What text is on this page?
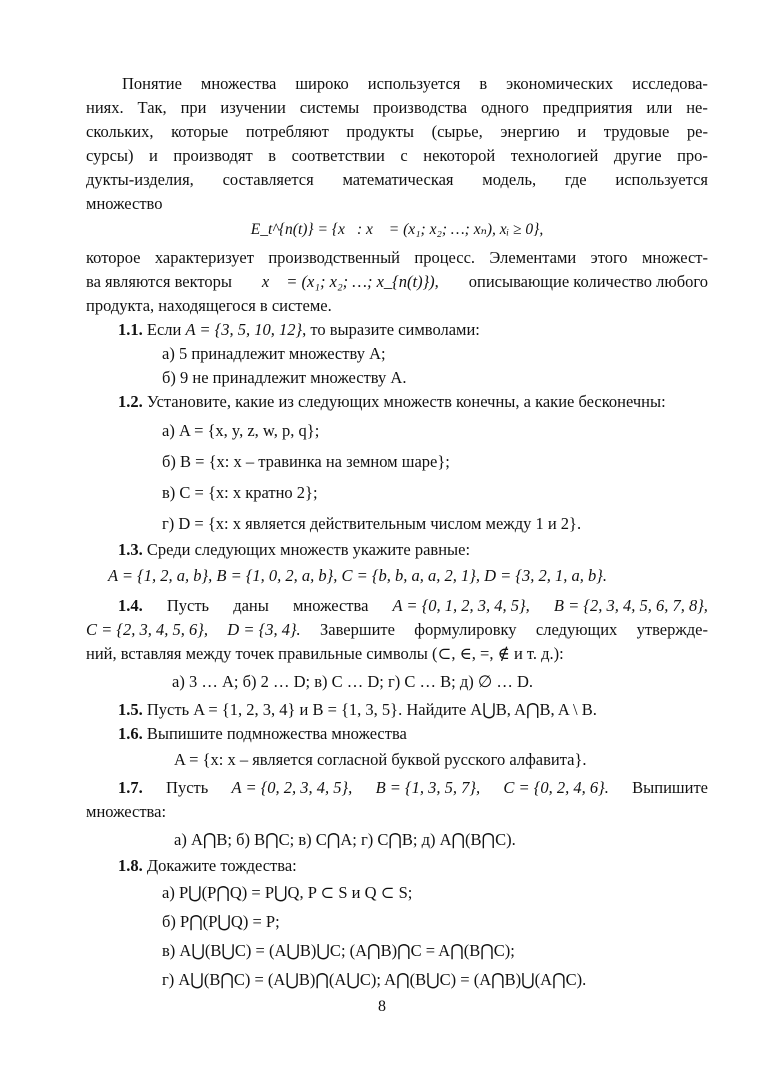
Понятие множества широко используется в экономических исследова-
ниях. Так, при изучении системы производства одного предприятия или не-
скольких, которые потребляют продукты (сырье, энергию и трудовые ре-
сурсы) и производят в соответствии с некоторой технологией другие про-
дукты-изделия, составляется математическая модель, где используется
множество
E_t^{n(t)} = {x⃗: x⃗ = (x₁; x₂; …; xₙ), xᵢ ≥ 0},
которое характеризует производственный процесс. Элементами этого множест-
ва являются векторы x⃗ = (x₁; x₂; …; x_{n(t)}), описывающие количество любого
продукта, находящегося в системе.
1.1. Если A = {3, 5, 10, 12}, то выразите символами:
а) 5 принадлежит множеству A;
б) 9 не принадлежит множеству A.
1.2. Установите, какие из следующих множеств конечны, а какие бесконечны:
а) A = {x, y, z, w, p, q};
б) B = {x: x – травинка на земном шаре};
в) C = {x: x кратно 2};
г) D = {x: x является действительным числом между 1 и 2}.
1.3. Среди следующих множеств укажите равные:
A = {1, 2, a, b}, B = {1, 0, 2, a, b}, C = {b, b, a, a, 2, 1}, D = {3, 2, 1, a, b}.
1.4. Пусть даны множества A = {0, 1, 2, 3, 4, 5}, B = {2, 3, 4, 5, 6, 7, 8},
C = {2, 3, 4, 5, 6}, D = {3, 4}. Завершите формулировку следующих утвержде-
ний, вставляя между точек правильные символы (⊂, ∈, =, ∉ и т. д.):
а) 3 … A; б) 2 … D; в) C … D; г) C … B; д) ∅ … D.
1.5. Пусть A = {1, 2, 3, 4} и B = {1, 3, 5}. Найдите A⋃B, A⋂B, A \ B.
1.6. Выпишите подмножества множества
A = {x: x – является согласной буквой русского алфавита}.
1.7. Пусть A = {0, 2, 3, 4, 5}, B = {1, 3, 5, 7}, C = {0, 2, 4, 6}. Выпишите
множества:
а) A⋂B; б) B⋂C; в) C⋂A; г) C⋂B; д) A⋂(B⋂C).
1.8. Докажите тождества:
а) P⋃(P⋂Q) = P⋃Q, P ⊂ S и Q ⊂ S;
б) P⋂(P⋃Q) = P;
в) A⋃(B⋃C) = (A⋃B)⋃C; (A⋂B)⋂C = A⋂(B⋂C);
г) A⋃(B⋂C) = (A⋃B)⋂(A⋃C); A⋂(B⋃C) = (A⋂B)⋃(A⋂C).
8
